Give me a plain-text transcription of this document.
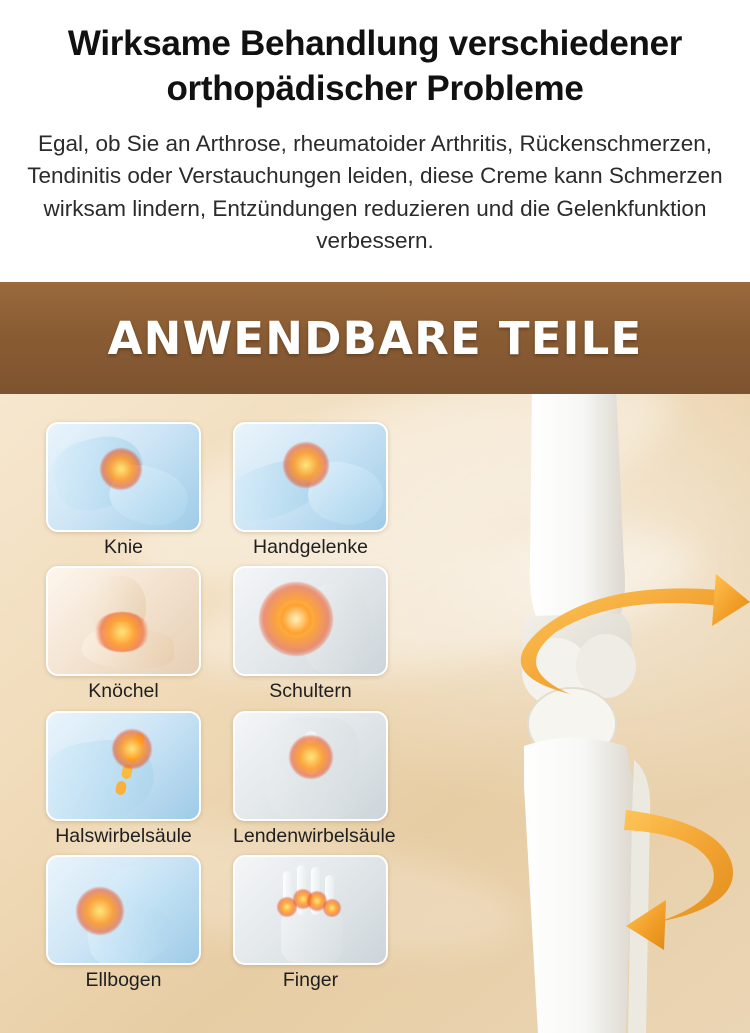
Wirksame Behandlung verschiedener orthopädischer Probleme
Egal, ob Sie an Arthrose, rheumatoider Arthritis, Rückenschmerzen, Tendinitis oder Verstauchungen leiden, diese Creme kann Schmerzen wirksam lindern, Entzündungen reduzieren und die Gelenkfunktion verbessern.
ANWENDBARE TEILE
Knie	Handgelenke
Knöchel	Schultern
Halswirbelsäule	Lendenwirbelsäule
Ellbogen	Finger
